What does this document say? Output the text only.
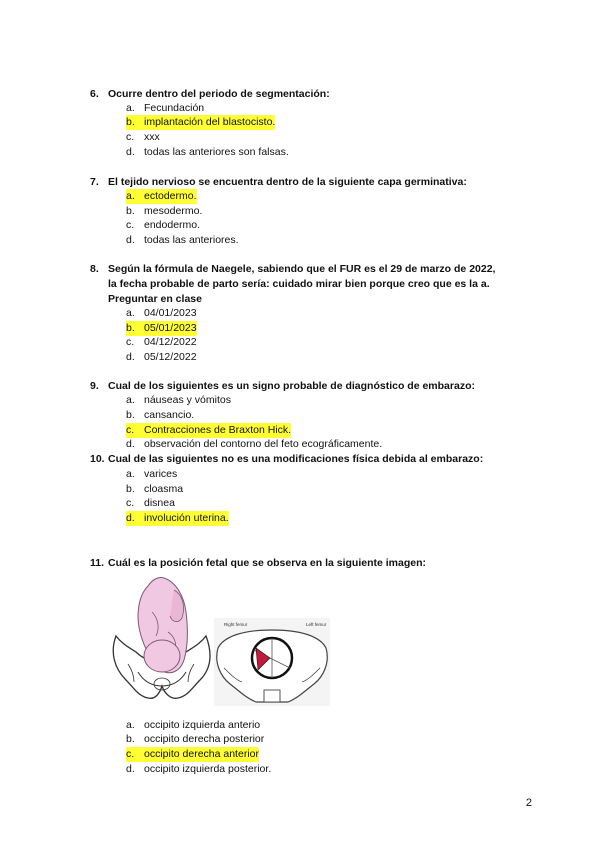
6. Ocurre dentro del periodo de segmentación:
a. Fecundación
b. implantación del blastocisto.
c. xxx
d. todas las anteriores son falsas.
7. El tejido nervioso se encuentra dentro de la siguiente capa germinativa:
a. ectodermo.
b. mesodermo.
c. endodermo.
d. todas las anteriores.
8. Según la fórmula de Naegele, sabiendo que el FUR es el 29 de marzo de 2022,
la fecha probable de parto sería: cuidado mirar bien porque creo que es la a.
Preguntar en clase
a. 04/01/2023
b. 05/01/2023
c. 04/12/2022
d. 05/12/2022
9. Cual de los siguientes es un signo probable de diagnóstico de embarazo:
a. náuseas y vómitos
b. cansancio.
c. Contracciones de Braxton Hick.
d. observación del contorno del feto ecográficamente.
10. Cual de las siguientes no es una modificaciones física debida al embarazo:
a. varices
b. cloasma
c. disnea
d. involución uterina.
11. Cuál es la posición fetal que se observa en la siguiente imagen:
Right femur	Left femur
a. occipito izquierda anterio
b. occipito derecha posterior
c. occipito derecha anterior
d. occipito izquierda posterior.
2
